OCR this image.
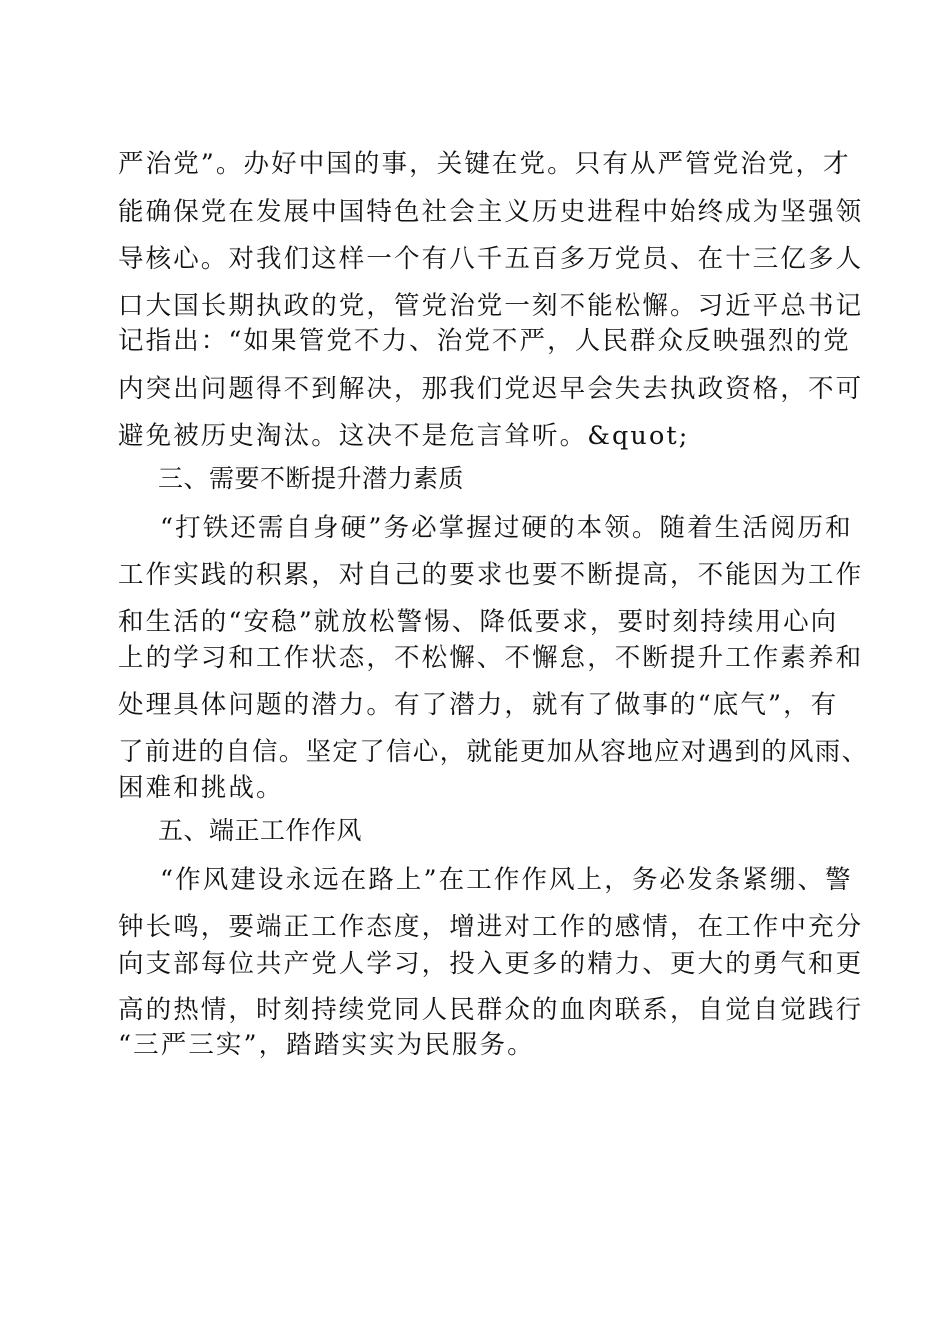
严治党”。办好中国的事，关键在党。只有从严管党治党，才
能确保党在发展中国特色社会主义历史进程中始终成为坚强领
导核心。对我们这样一个有八千五百多万党员、在十三亿多人
口大国长期执政的党，管党治党一刻不能松懈。习近平总书记
记指出：“如果管党不力、治党不严，人民群众反映强烈的党
内突出问题得不到解决，那我们党迟早会失去执政资格，不可
避免被历史淘汰。这决不是危言耸听。&quot;
三、需要不断提升潜力素质
“打铁还需自身硬”务必掌握过硬的本领。随着生活阅历和
工作实践的积累，对自己的要求也要不断提高，不能因为工作
和生活的“安稳”就放松警惕、降低要求，要时刻持续用心向
上的学习和工作状态，不松懈、不懈怠，不断提升工作素养和
处理具体问题的潜力。有了潜力，就有了做事的“底气”，有
了前进的自信。坚定了信心，就能更加从容地应对遇到的风雨、
困难和挑战。
五、端正工作作风
“作风建设永远在路上”在工作作风上，务必发条紧绷、警
钟长鸣，要端正工作态度，增进对工作的感情，在工作中充分
向支部每位共产党人学习，投入更多的精力、更大的勇气和更
高的热情，时刻持续党同人民群众的血肉联系，自觉自觉践行
“三严三实”，踏踏实实为民服务。
